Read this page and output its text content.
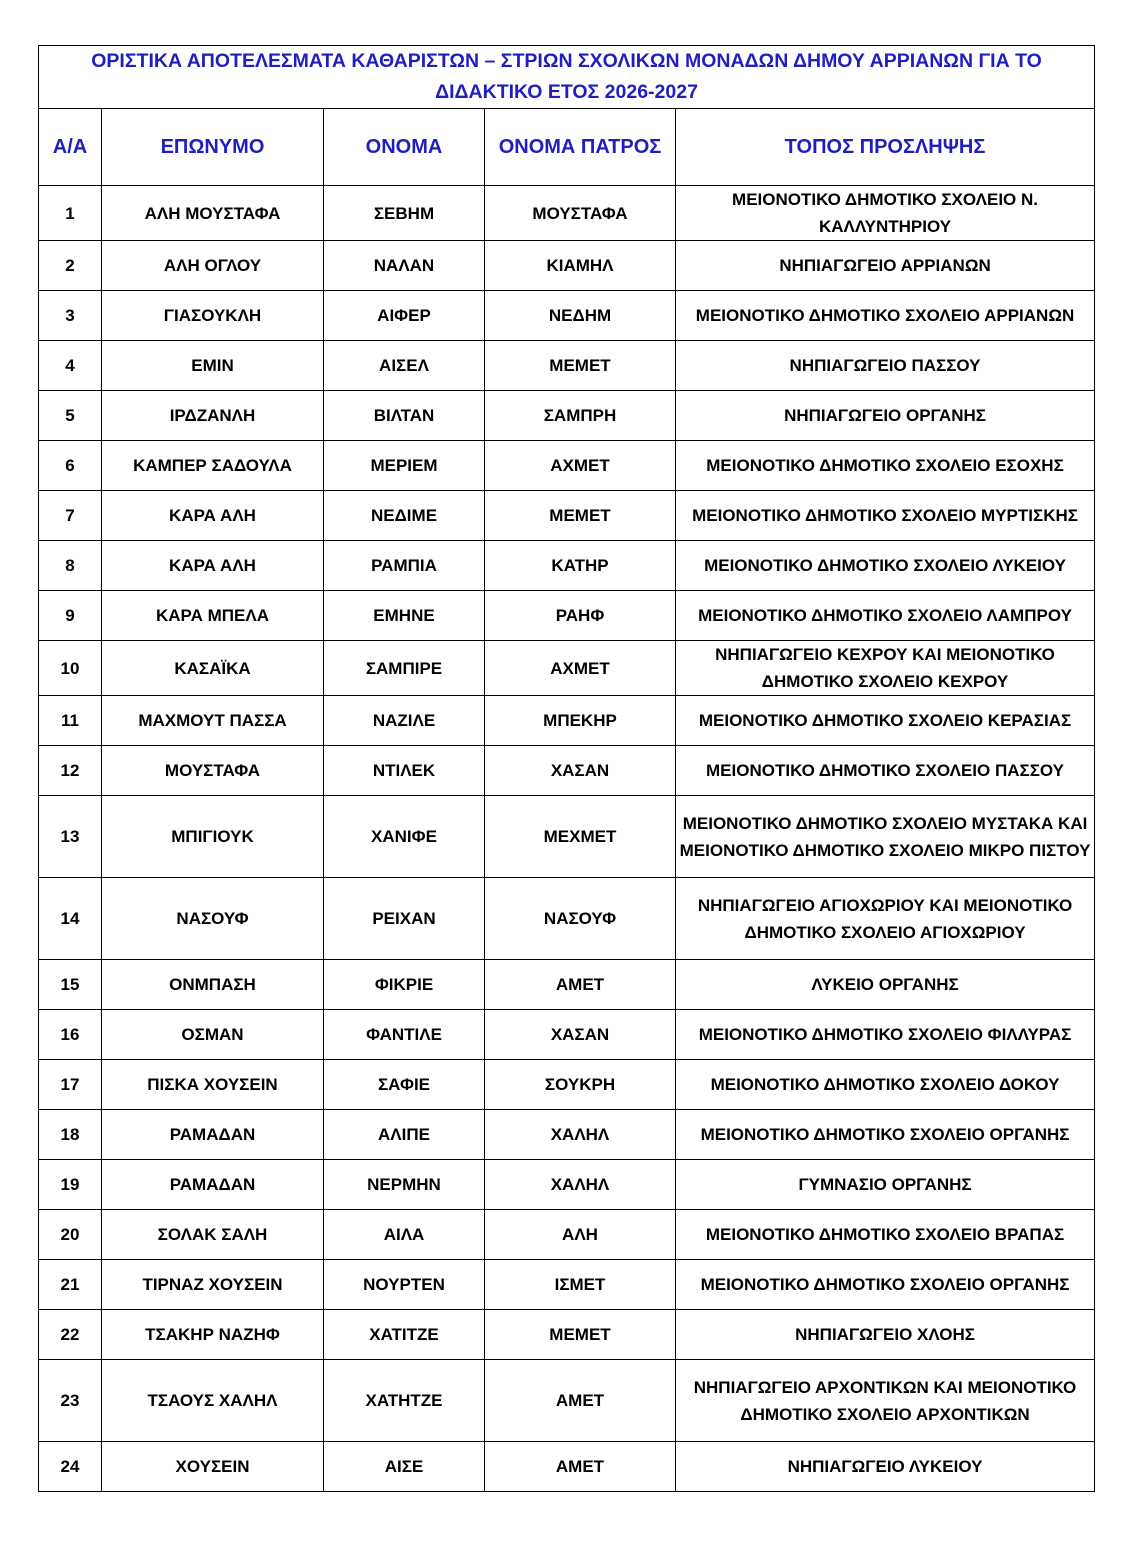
ΟΡΙΣΤΙΚΑ ΑΠΟΤΕΛΕΣΜΑΤΑ ΚΑΘΑΡΙΣΤΩΝ – ΣΤΡΙΩΝ ΣΧΟΛΙΚΩΝ ΜΟΝΑΔΩΝ ΔΗΜΟΥ ΑΡΡΙΑΝΩΝ ΓΙΑ ΤΟ ΔΙΔΑΚΤΙΚΟ ΕΤΟΣ 2026-2027				
Α/Α	ΕΠΩΝΥΜΟ	ΟΝΟΜΑ	ΟΝΟΜΑ ΠΑΤΡΟΣ	ΤΟΠΟΣ ΠΡΟΣΛΗΨΗΣ
1	ΑΛΗ ΜΟΥΣΤΑΦΑ	ΣΕΒΗΜ	ΜΟΥΣΤΑΦΑ	ΜΕΙΟΝΟΤΙΚΟ ΔΗΜΟΤΙΚΟ ΣΧΟΛΕΙΟ Ν. ΚΑΛΛΥΝΤΗΡΙΟΥ
2	ΑΛΗ ΟΓΛΟΥ	ΝΑΛΑΝ	ΚΙΑΜΗΛ	ΝΗΠΙΑΓΩΓΕΙΟ ΑΡΡΙΑΝΩΝ
3	ΓΙΑΣΟΥΚΛΗ	ΑΙΦΕΡ	ΝΕΔΗΜ	ΜΕΙΟΝΟΤΙΚΟ ΔΗΜΟΤΙΚΟ ΣΧΟΛΕΙΟ ΑΡΡΙΑΝΩΝ
4	ΕΜΙΝ	ΑΙΣΕΛ	ΜΕΜΕΤ	ΝΗΠΙΑΓΩΓΕΙΟ ΠΑΣΣΟΥ
5	ΙΡΔΖΑΝΛΗ	ΒΙΛΤΑΝ	ΣΑΜΠΡΗ	ΝΗΠΙΑΓΩΓΕΙΟ ΟΡΓΑΝΗΣ
6	ΚΑΜΠΕΡ ΣΑΔΟΥΛΑ	ΜΕΡΙΕΜ	ΑΧΜΕΤ	ΜΕΙΟΝΟΤΙΚΟ ΔΗΜΟΤΙΚΟ ΣΧΟΛΕΙΟ ΕΣΟΧΗΣ
7	ΚΑΡΑ ΑΛΗ	ΝΕΔΙΜΕ	ΜΕΜΕΤ	ΜΕΙΟΝΟΤΙΚΟ ΔΗΜΟΤΙΚΟ ΣΧΟΛΕΙΟ ΜΥΡΤΙΣΚΗΣ
8	ΚΑΡΑ ΑΛΗ	ΡΑΜΠΙΑ	ΚΑΤΗΡ	ΜΕΙΟΝΟΤΙΚΟ ΔΗΜΟΤΙΚΟ ΣΧΟΛΕΙΟ ΛΥΚΕΙΟΥ
9	ΚΑΡΑ ΜΠΕΛΑ	ΕΜΗΝΕ	ΡΑΗΦ	ΜΕΙΟΝΟΤΙΚΟ ΔΗΜΟΤΙΚΟ ΣΧΟΛΕΙΟ ΛΑΜΠΡΟΥ
10	ΚΑΣΑΪΚΑ	ΣΑΜΠΙΡΕ	ΑΧΜΕΤ	ΝΗΠΙΑΓΩΓΕΙΟ ΚΕΧΡΟΥ ΚΑΙ ΜΕΙΟΝΟΤΙΚΟ ΔΗΜΟΤΙΚΟ ΣΧΟΛΕΙΟ ΚΕΧΡΟΥ
11	ΜΑΧΜΟΥΤ ΠΑΣΣΑ	ΝΑΖΙΛΕ	ΜΠΕΚΗΡ	ΜΕΙΟΝΟΤΙΚΟ ΔΗΜΟΤΙΚΟ ΣΧΟΛΕΙΟ ΚΕΡΑΣΙΑΣ
12	ΜΟΥΣΤΑΦΑ	ΝΤΙΛΕΚ	ΧΑΣΑΝ	ΜΕΙΟΝΟΤΙΚΟ ΔΗΜΟΤΙΚΟ ΣΧΟΛΕΙΟ ΠΑΣΣΟΥ
13	ΜΠΙΓΙΟΥΚ	ΧΑΝΙΦΕ	ΜΕΧΜΕΤ	ΜΕΙΟΝΟΤΙΚΟ ΔΗΜΟΤΙΚΟ ΣΧΟΛΕΙΟ ΜΥΣΤΑΚΑ ΚΑΙ ΜΕΙΟΝΟΤΙΚΟ ΔΗΜΟΤΙΚΟ ΣΧΟΛΕΙΟ ΜΙΚΡΟ ΠΙΣΤΟΥ
14	ΝΑΣΟΥΦ	ΡΕΙΧΑΝ	ΝΑΣΟΥΦ	ΝΗΠΙΑΓΩΓΕΙΟ ΑΓΙΟΧΩΡΙΟΥ ΚΑΙ ΜΕΙΟΝΟΤΙΚΟ ΔΗΜΟΤΙΚΟ ΣΧΟΛΕΙΟ ΑΓΙΟΧΩΡΙΟΥ
15	ΟΝΜΠΑΣΗ	ΦΙΚΡΙΕ	ΑΜΕΤ	ΛΥΚΕΙΟ ΟΡΓΑΝΗΣ
16	ΟΣΜΑΝ	ΦΑΝΤΙΛΕ	ΧΑΣΑΝ	ΜΕΙΟΝΟΤΙΚΟ ΔΗΜΟΤΙΚΟ ΣΧΟΛΕΙΟ ΦΙΛΛΥΡΑΣ
17	ΠΙΣΚΑ ΧΟΥΣΕΙΝ	ΣΑΦΙΕ	ΣΟΥΚΡΗ	ΜΕΙΟΝΟΤΙΚΟ ΔΗΜΟΤΙΚΟ ΣΧΟΛΕΙΟ ΔΟΚΟΥ
18	ΡΑΜΑΔΑΝ	ΑΛΙΠΕ	ΧΑΛΗΛ	ΜΕΙΟΝΟΤΙΚΟ ΔΗΜΟΤΙΚΟ ΣΧΟΛΕΙΟ ΟΡΓΑΝΗΣ
19	ΡΑΜΑΔΑΝ	ΝΕΡΜΗΝ	ΧΑΛΗΛ	ΓΥΜΝΑΣΙΟ ΟΡΓΑΝΗΣ
20	ΣΟΛΑΚ ΣΑΛΗ	ΑΙΛΑ	ΑΛΗ	ΜΕΙΟΝΟΤΙΚΟ ΔΗΜΟΤΙΚΟ ΣΧΟΛΕΙΟ ΒΡΑΠΑΣ
21	ΤΙΡΝΑΖ ΧΟΥΣΕΙΝ	ΝΟΥΡΤΕΝ	ΙΣΜΕΤ	ΜΕΙΟΝΟΤΙΚΟ ΔΗΜΟΤΙΚΟ ΣΧΟΛΕΙΟ ΟΡΓΑΝΗΣ
22	ΤΣΑΚΗΡ ΝΑΖΗΦ	ΧΑΤΙΤΖΕ	ΜΕΜΕΤ	ΝΗΠΙΑΓΩΓΕΙΟ ΧΛΟΗΣ
23	ΤΣΑΟΥΣ ΧΑΛΗΛ	ΧΑΤΗΤΖΕ	ΑΜΕΤ	ΝΗΠΙΑΓΩΓΕΙΟ ΑΡΧΟΝΤΙΚΩΝ ΚΑΙ ΜΕΙΟΝΟΤΙΚΟ ΔΗΜΟΤΙΚΟ ΣΧΟΛΕΙΟ ΑΡΧΟΝΤΙΚΩΝ
24	ΧΟΥΣΕΙΝ	ΑΙΣΕ	ΑΜΕΤ	ΝΗΠΙΑΓΩΓΕΙΟ ΛΥΚΕΙΟΥ
